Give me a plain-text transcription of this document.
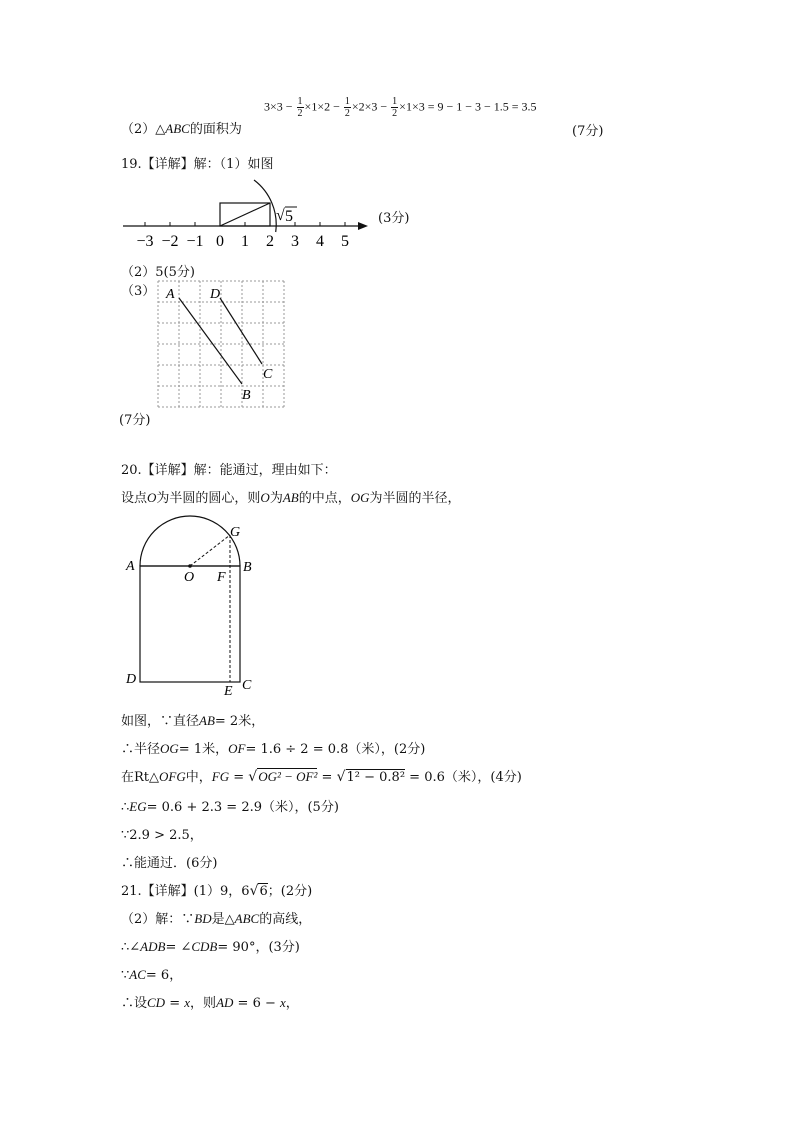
（2）△ABC的面积为
$3\times 3 - \frac{1}{2} \times 1\times 2 - \frac{1}{2} \times 2\times 3 - \frac{1}{2} \times 1\times 3 = 9 - 1 - 3 - 1.5 = 3.5$
(7分)
19.【详解】解：（1）如图
−3 −2 −1 0 1 2 3 4 5
√ 5	(3分)
（2）5(5分)
（3） A	D
C
B
(7分)
20.【详解】解：能通过，理由如下：
设点O为半圆的圆心，则O为AB的中点，OG为半圆的半径，
A	B
O F
G
D
E C
如图，∵直径AB= 2米，
∴半径OG= 1米，OF= 1.6 ÷ 2 = 0.8（米），(2分)
在Rt△OFG中，FG = √OG² − OF² = √1² − 0.8² = 0.6（米），(4分)
∴EG= 0.6 + 2.3 = 2.9（米），(5分)
∵2.9 > 2.5，
∴能通过．(6分)
21.【详解】(1）9，6√6；(2分)
（2）解：∵BD是△ABC的高线，
∴∠ADB= ∠CDB= 90°，(3分)
∵AC= 6，
∴设CD = x，则AD = 6 − x，
